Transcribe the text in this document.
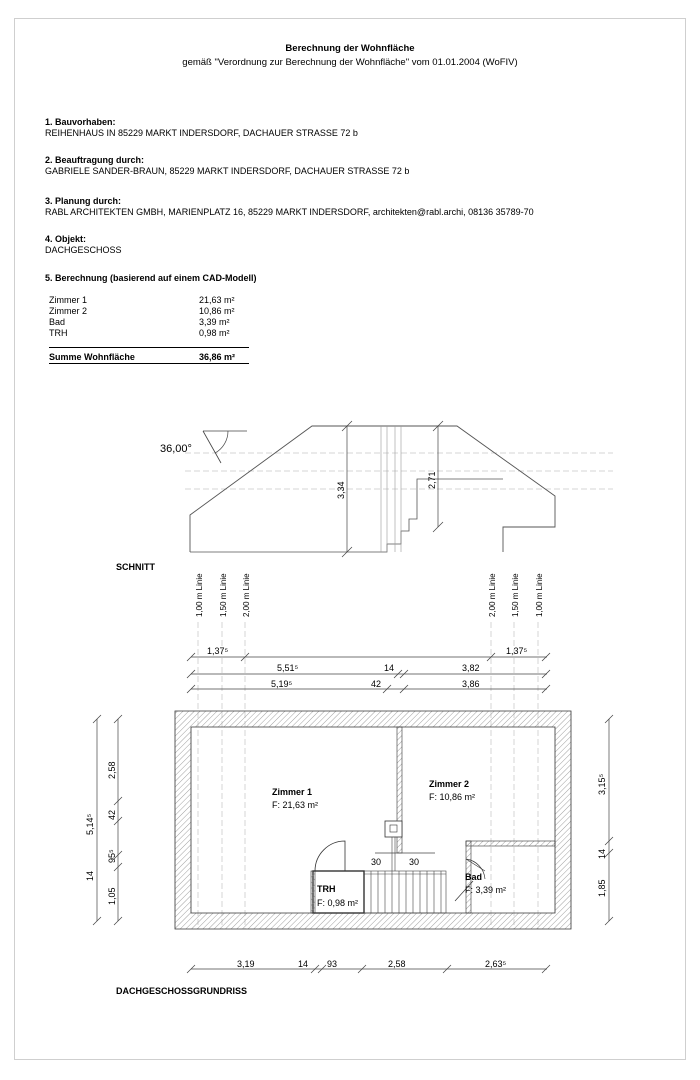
Berechnung der Wohnfläche
gemäß "Verordnung zur Berechnung der Wohnfläche" vom 01.01.2004 (WoFIV)
1. Bauvorhaben:
REIHENHAUS IN 85229 MARKT INDERSDORF, DACHAUER STRASSE 72 b
2. Beauftragung durch:
GABRIELE SANDER-BRAUN, 85229 MARKT INDERSDORF, DACHAUER STRASSE 72 b
3. Planung durch:
RABL ARCHITEKTEN GMBH, MARIENPLATZ 16, 85229 MARKT INDERSDORF, architekten@rabl.archi, 08136 35789-70
4. Objekt:
DACHGESCHOSS
5. Berechnung (basierend auf einem CAD-Modell)
Zimmer 1	21,63 m²
Zimmer 2	10,86 m²
Bad	3,39 m²
TRH	0,98 m²
Summe Wohnfläche	36,86 m²
36,00°
3,34
2,71
SCHNITT
1,00 m Linie 1,50 m Linie 2,00 m Linie	2,00 m Linie 1,50 m Linie 1,00 m Linie
1,37⁵	1,37⁵
5,51⁵	14	3,82
5,19⁵	42	3,86
Zimmer 1
F: 21,63 m²
Zimmer 2
F: 10,86 m²
TRH
F: 0,98 m²
Bad
F: 3,39 m²
30	30
5,14⁵
2,58
42
95⁵
14
1,05
3,15⁵
14
1,85
3,19	14 93	2,58	2,63⁵
DACHGESCHOSSGRUNDRISS
